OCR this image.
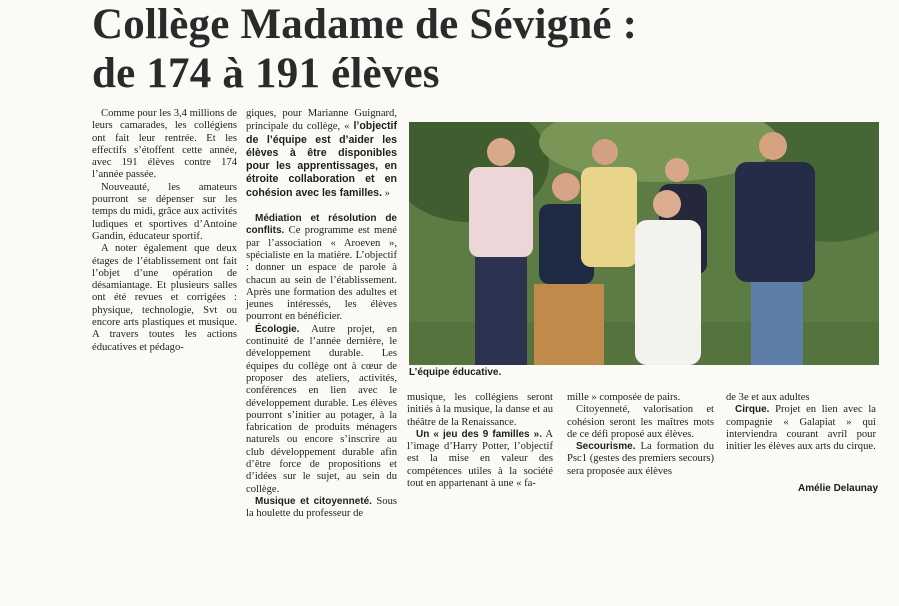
Collège Madame de Sévigné :
de 174 à 191 élèves

Comme pour les 3,4 millions de leurs camarades, les collégiens ont fait leur rentrée. Et les effectifs s’étoffent cette année, avec 191 élèves contre 174 l’année passée.

Nouveauté, les amateurs pourront se dépenser sur les temps du midi, grâce aux activités ludiques et sportives d’Antoine Gandin, éducateur sportif.

A noter également que deux étages de l’établissement ont fait l’objet d’une opération de désamiantage. Et plusieurs salles ont été revues et corrigées : physique, technologie, Svt ou encore arts plastiques et musique. A travers toutes les actions éducatives et pédago-

giques, pour Marianne Guignard, principale du collège, « l’objectif de l’équipe est d’aider les élèves à être disponibles pour les apprentissages, en étroite collaboration et en cohésion avec les familles. »

Médiation et résolution de conflits. Ce programme est mené par l’association « Aroeven », spécialiste en la matière. L’objectif : donner un espace de parole à chacun au sein de l’établissement. Après une formation des adultes et jeunes intéressés, les élèves pourront en bénéficier.

Écologie. Autre projet, en continuité de l’année dernière, le développement durable. Les équipes du collège ont à cœur de proposer des ateliers, activités, conférences en lien avec le développement durable. Les élèves pourront s’initier au potager, à la fabrication de produits ménagers naturels ou encore s’inscrire au club développement durable afin d’être force de propositions et d’idées sur le sujet, au sein du collège.

Musique et citoyenneté. Sous la houlette du professeur de

L’équipe éducative.

musique, les collégiens seront initiés à la musique, la danse et au théâtre de la Renaissance.

Un « jeu des 9 familles ». A l’image d’Harry Potter, l’objectif est la mise en valeur des compétences utiles à la société tout en appartenant à une « fa-

mille » composée de pairs.

Citoyenneté, valorisation et cohésion seront les maîtres mots de ce défi proposé aux élèves.

Secourisme. La formation du Psc1 (gestes des premiers secours) sera proposée aux élèves

de 3e et aux adultes

Cirque. Projet en lien avec la compagnie « Galapiat » qui interviendra courant avril pour initier les élèves aux arts du cirque.

Amélie Delaunay
